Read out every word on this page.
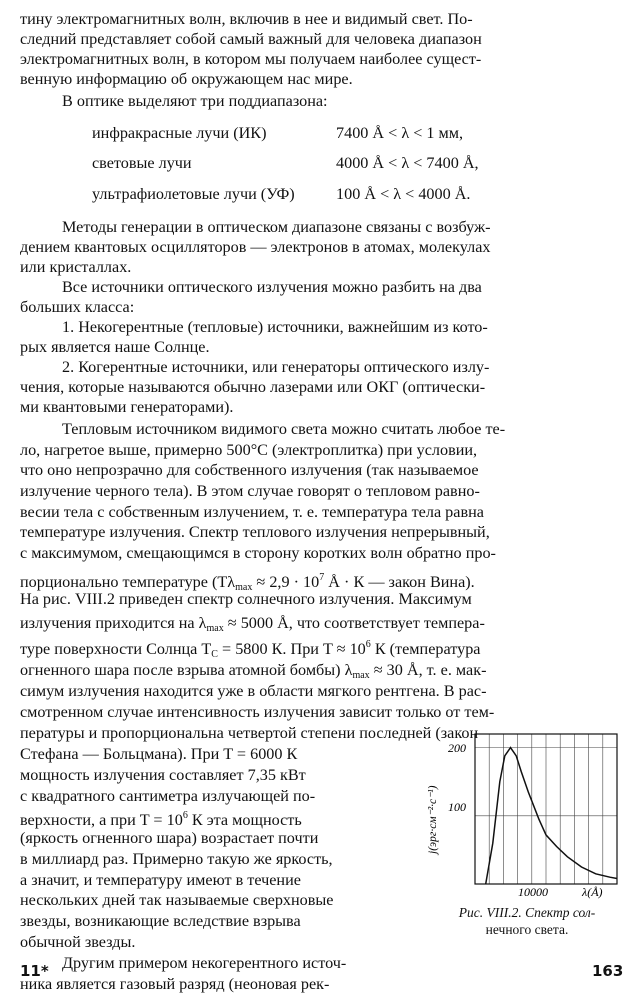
тину электромагнитных волн, включив в нее и видимый свет. По-
следний представляет собой самый важный для человека диапазон
электромагнитных волн, в котором мы получаем наиболее сущест-
венную информацию об окружающем нас мире.
В оптике выделяют три поддиапазона:
инфракрасные лучи (ИК)	7400 Å < λ < 1 мм,
световые лучи	4000 Å < λ < 7400 Å,
ультрафиолетовые лучи (УФ)	100 Å < λ < 4000 Å.
Методы генерации в оптическом диапазоне связаны с возбуж-
дением квантовых осцилляторов — электронов в атомах, молекулах
или кристаллах.
Все источники оптического излучения можно разбить на два
больших класса:
1. Некогерентные (тепловые) источники, важнейшим из кото-
рых является наше Солнце.
2. Когерентные источники, или генераторы оптического излу-
чения, которые называются обычно лазерами или ОКГ (оптически-
ми квантовыми генераторами).
Тепловым источником видимого света можно считать любое те-
ло, нагретое выше, примерно 500°С (электроплитка) при условии,
что оно непрозрачно для собственного излучения (так называемое
излучение черного тела). В этом случае говорят о тепловом равно-
весии тела с собственным излучением, т. е. температура тела равна
температуре излучения. Спектр теплового излучения непрерывный,
с максимумом, смещающимся в сторону коротких волн обратно про-
порционально температуре ($T\lambda_{max} \approx 2,9 \cdot 10^7$ Å · К — закон Вина).
На рис. VIII.2 приведен спектр солнечного излучения. Максимум
излучения приходится на $\lambda_{max} \approx 5000$ Å, что соответствует темпера-
туре поверхности Солнца $T_С = 5800$ К. При $T \approx 10^6$ К (температура
огненного шара после взрыва атомной бомбы) $\lambda_{max} \approx 30$ Å, т. е. мак-
симум излучения находится уже в области мягкого рентгена. В рас-
смотренном случае интенсивность излучения зависит только от тем-
пературы и пропорциональна четвертой степени последней (закон
Стефана — Больцмана). При T = 6000 К
мощность излучения составляет 7,35 кВт
с квадратного сантиметра излучающей по-
верхности, а при $T = 10^6$ К эта мощность
(яркость огненного шара) возрастает почти
в миллиард раз. Примерно такую же яркость,
а значит, и температуру имеют в течение
нескольких дней так называемые сверхновые
звезды, возникающие вследствие взрыва
обычной звезды.
Другим примером некогерентного источ-
ника является газовый разряд (неоновая рек-
200
100
10000	λ(Å)
j(эрг·см⁻²·с⁻¹)
Рис. VIII.2. Спектр сол-
нечного света.
11*	163
